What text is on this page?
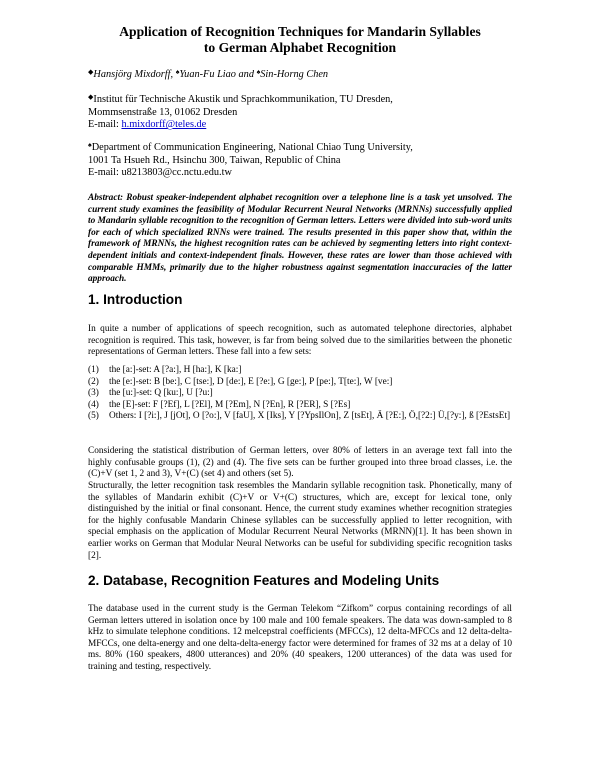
Application of Recognition Techniques for Mandarin Syllables
to German Alphabet Recognition
◆Hansjörg Mixdorff, ♠Yuan-Fu Liao and ♠Sin-Horng Chen
◆Institut für Technische Akustik und Sprachkommunikation, TU Dresden,
Mommsenstraße 13, 01062 Dresden
E-mail: h.mixdorff@teles.de
♠Department of Communication Engineering, National Chiao Tung University,
1001 Ta Hsueh Rd., Hsinchu 300, Taiwan, Republic of China
E-mail: u8213803@cc.nctu.edu.tw
Abstract: Robust speaker-independent alphabet recognition over a telephone line is a task yet unsolved. The current study examines the feasibility of Modular Recurrent Neural Networks (MRNNs) successfully applied to Mandarin syllable recognition to the recognition of German letters. Letters were divided into sub-word units for each of which specialized RNNs were trained. The results presented in this paper show that, within the framework of MRNNs, the highest recognition rates can be achieved by segmenting letters into right context-dependent initials and context-independent finals. However, these rates are lower than those achieved with comparable HMMs, primarily due to the higher robustness against segmentation inaccuracies of the latter approach.
1. Introduction
In quite a number of applications of speech recognition, such as automated telephone directories, alphabet recognition is required. This task, however, is far from being solved due to the similarities between the phonetic representations of German letters. These fall into a few sets:
(1)	the [a:]-set: A [?a:], H [ha:], K [ka:]
(2)	the [e:]-set: B [be:], C [tse:], D [de:], E [?e:], G [ge:], P [pe:], T[te:], W [ve:]
(3)	the [u:]-set: Q [ku:], U [?u:]
(4)	the [E]-set: F [?Ef], L [?El], M [?Em], N [?En], R [?ER], S [?Es]
(5)	Others: I [?i:], J [jOt], O [?o:], V [faU], X [Iks], Y [?YpsIlOn], Z [tsEt], Ä [?E:], Ö,[?2:] Ü,[?y:], ß [?EstsEt]
Considering the statistical distribution of German letters, over 80% of letters in an average text fall into the highly confusable groups (1), (2) and (4). The five sets can be further grouped into three broad classes, i.e. the (C)+V (set 1, 2 and 3), V+(C) (set 4) and others (set 5).
Structurally, the letter recognition task resembles the Mandarin syllable recognition task. Phonetically, many of the syllables of Mandarin exhibit (C)+V or V+(C) structures, which are, except for lexical tone, only distinguished by the initial or final consonant. Hence, the current study examines whether recognition strategies for the highly confusable Mandarin Chinese syllables can be successfully applied to letter recognition, with special emphasis on the application of Modular Recurrent Neural Networks (MRNN)[1]. It has been shown in earlier works on German that Modular Neural Networks can be useful for subdividing specific recognition tasks [2].
2. Database, Recognition Features and Modeling Units
The database used in the current study is the German Telekom “Zifkom” corpus containing recordings of all German letters uttered in isolation once by 100 male and 100 female speakers. The data was down-sampled to 8 kHz to simulate telephone conditions. 12 melcepstral coefficients (MFCCs), 12 delta-MFCCs and 12 delta-delta-MFCCs, one delta-energy and one delta-delta-energy factor were determined for frames of 32 ms at a delay of 10 ms. 80% (160 speakers, 4800 utterances) and 20% (40 speakers, 1200 utterances) of the data was used for training and testing, respectively.
